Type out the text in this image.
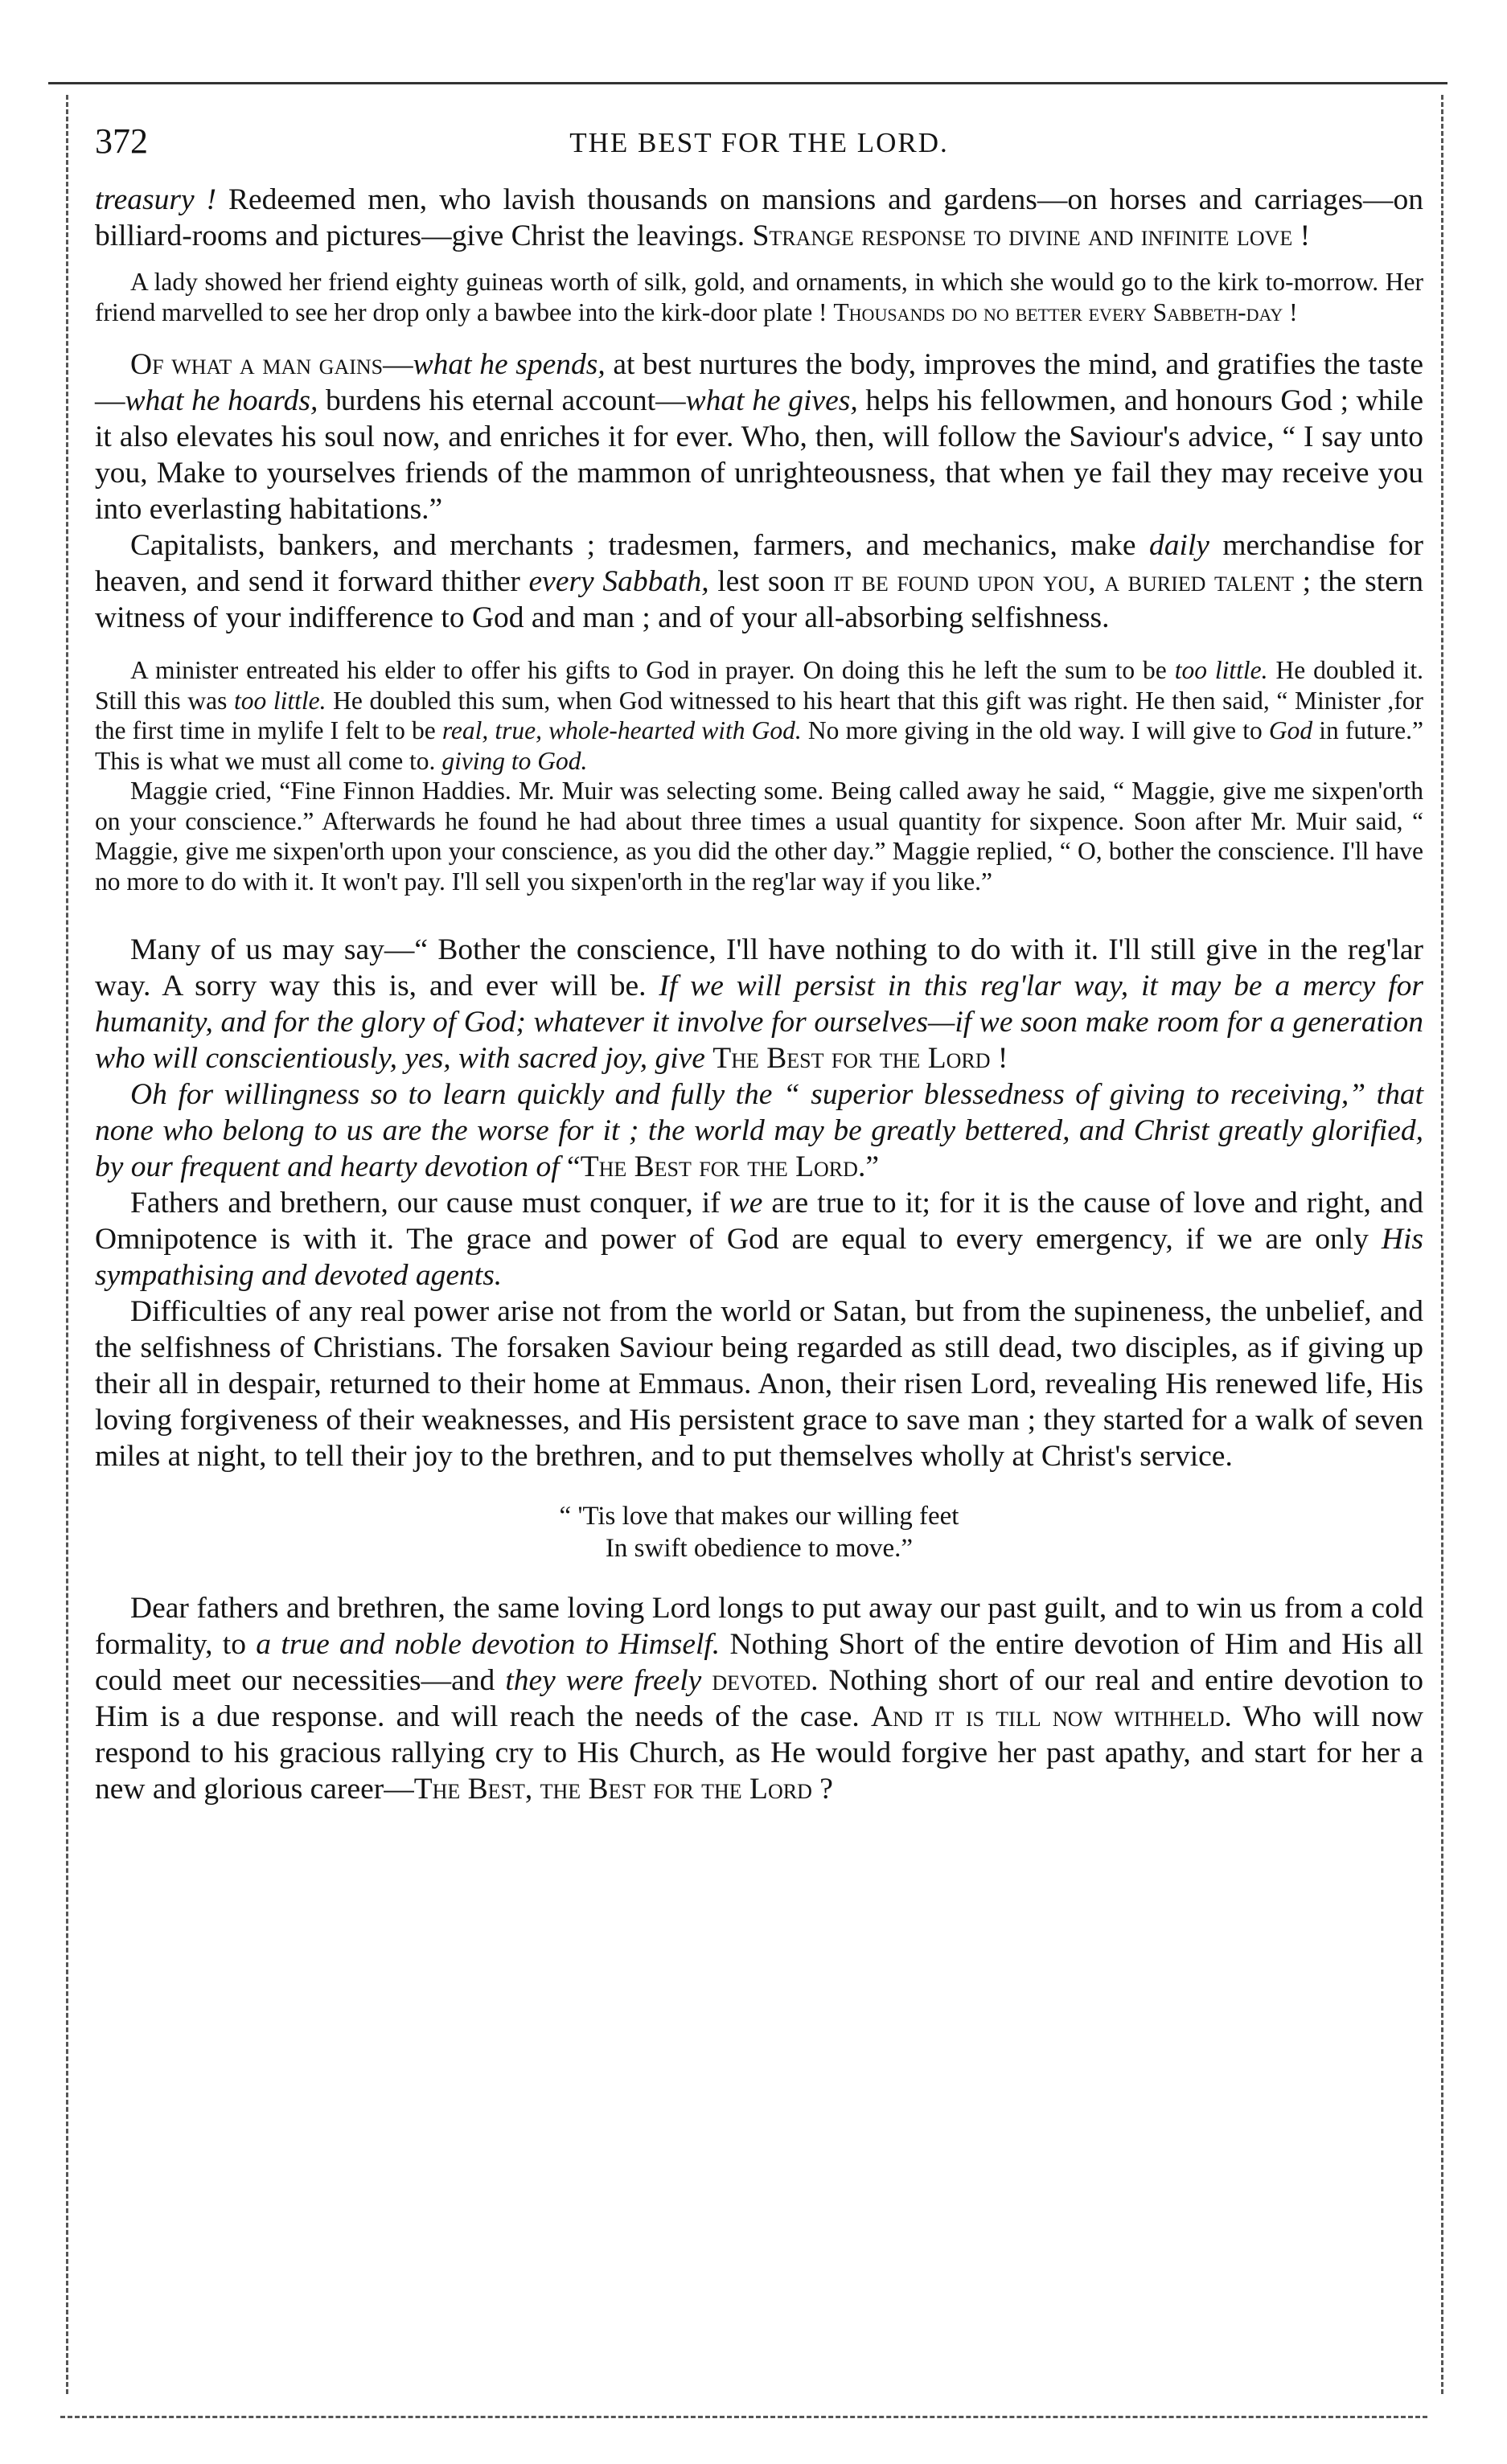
372	THE BEST FOR THE LORD.

treasury ! Redeemed men, who lavish thousands on mansions and gardens—on horses and carriages—on billiard-rooms and pictures—give Christ the leavings. Strange response to divine and infinite love !

A lady showed her friend eighty guineas worth of silk, gold, and ornaments, in which she would go to the kirk to-morrow. Her friend marvelled to see her drop only a bawbee into the kirk-door plate ! Thousands do no better every Sabbeth-day !

Of what a man gains—what he spends, at best nurtures the body, improves the mind, and gratifies the taste—what he hoards, burdens his eternal account—what he gives, helps his fellowmen, and honours God ; while it also elevates his soul now, and enriches it for ever. Who, then, will follow the Saviour's advice, “ I say unto you, Make to yourselves friends of the mammon of unrighteousness, that when ye fail they may receive you into everlasting habitations.”

Capitalists, bankers, and merchants ; tradesmen, farmers, and mechanics, make daily merchandise for heaven, and send it forward thither every Sabbath, lest soon it be found upon you, a buried talent ; the stern witness of your indifference to God and man ; and of your all-absorbing selfishness.

A minister entreated his elder to offer his gifts to God in prayer. On doing this he left the sum to be too little. He doubled it. Still this was too little. He doubled this sum, when God witnessed to his heart that this gift was right. He then said, “ Minister ,for the first time in mylife I felt to be real, true, whole-hearted with God. No more giving in the old way. I will give to God in future.” This is what we must all come to. giving to God.

Maggie cried, “Fine Finnon Haddies. Mr. Muir was selecting some. Being called away he said, “ Maggie, give me sixpen'orth on your conscience.” Afterwards he found he had about three times a usual quantity for sixpence. Soon after Mr. Muir said, “ Maggie, give me sixpen'orth upon your conscience, as you did the other day.” Maggie replied, “ O, bother the conscience. I'll have no more to do with it. It won't pay. I'll sell you sixpen'orth in the reg'lar way if you like.”

Many of us may say—“ Bother the conscience, I'll have nothing to do with it. I'll still give in the reg'lar way. A sorry way this is, and ever will be. If we will persist in this reg'lar way, it may be a mercy for humanity, and for the glory of God; whatever it involve for ourselves—if we soon make room for a generation who will conscientiously, yes, with sacred joy, give The Best for the Lord !

Oh for willingness so to learn quickly and fully the “ superior blessedness of giving to receiving,” that none who belong to us are the worse for it ; the world may be greatly bettered, and Christ greatly glorified, by our frequent and hearty devotion of “The Best for the Lord.”

Fathers and brethern, our cause must conquer, if we are true to it; for it is the cause of love and right, and Omnipotence is with it. The grace and power of God are equal to every emergency, if we are only His sympathising and devoted agents.

Difficulties of any real power arise not from the world or Satan, but from the supineness, the unbelief, and the selfishness of Christians. The forsaken Saviour being regarded as still dead, two disciples, as if giving up their all in despair, returned to their home at Emmaus. Anon, their risen Lord, revealing His renewed life, His loving forgiveness of their weaknesses, and His persistent grace to save man ; they started for a walk of seven miles at night, to tell their joy to the brethren, and to put themselves wholly at Christ's service.

“ 'Tis love that makes our willing feet
In swift obedience to move.”

Dear fathers and brethren, the same loving Lord longs to put away our past guilt, and to win us from a cold formality, to a true and noble devotion to Himself. Nothing Short of the entire devotion of Him and His all could meet our necessities—and they were freely devoted. Nothing short of our real and entire devotion to Him is a due response. and will reach the needs of the case. And it is till now withheld. Who will now respond to his gracious rallying cry to His Church, as He would forgive her past apathy, and start for her a new and glorious career—The Best, the Best for the Lord ?
